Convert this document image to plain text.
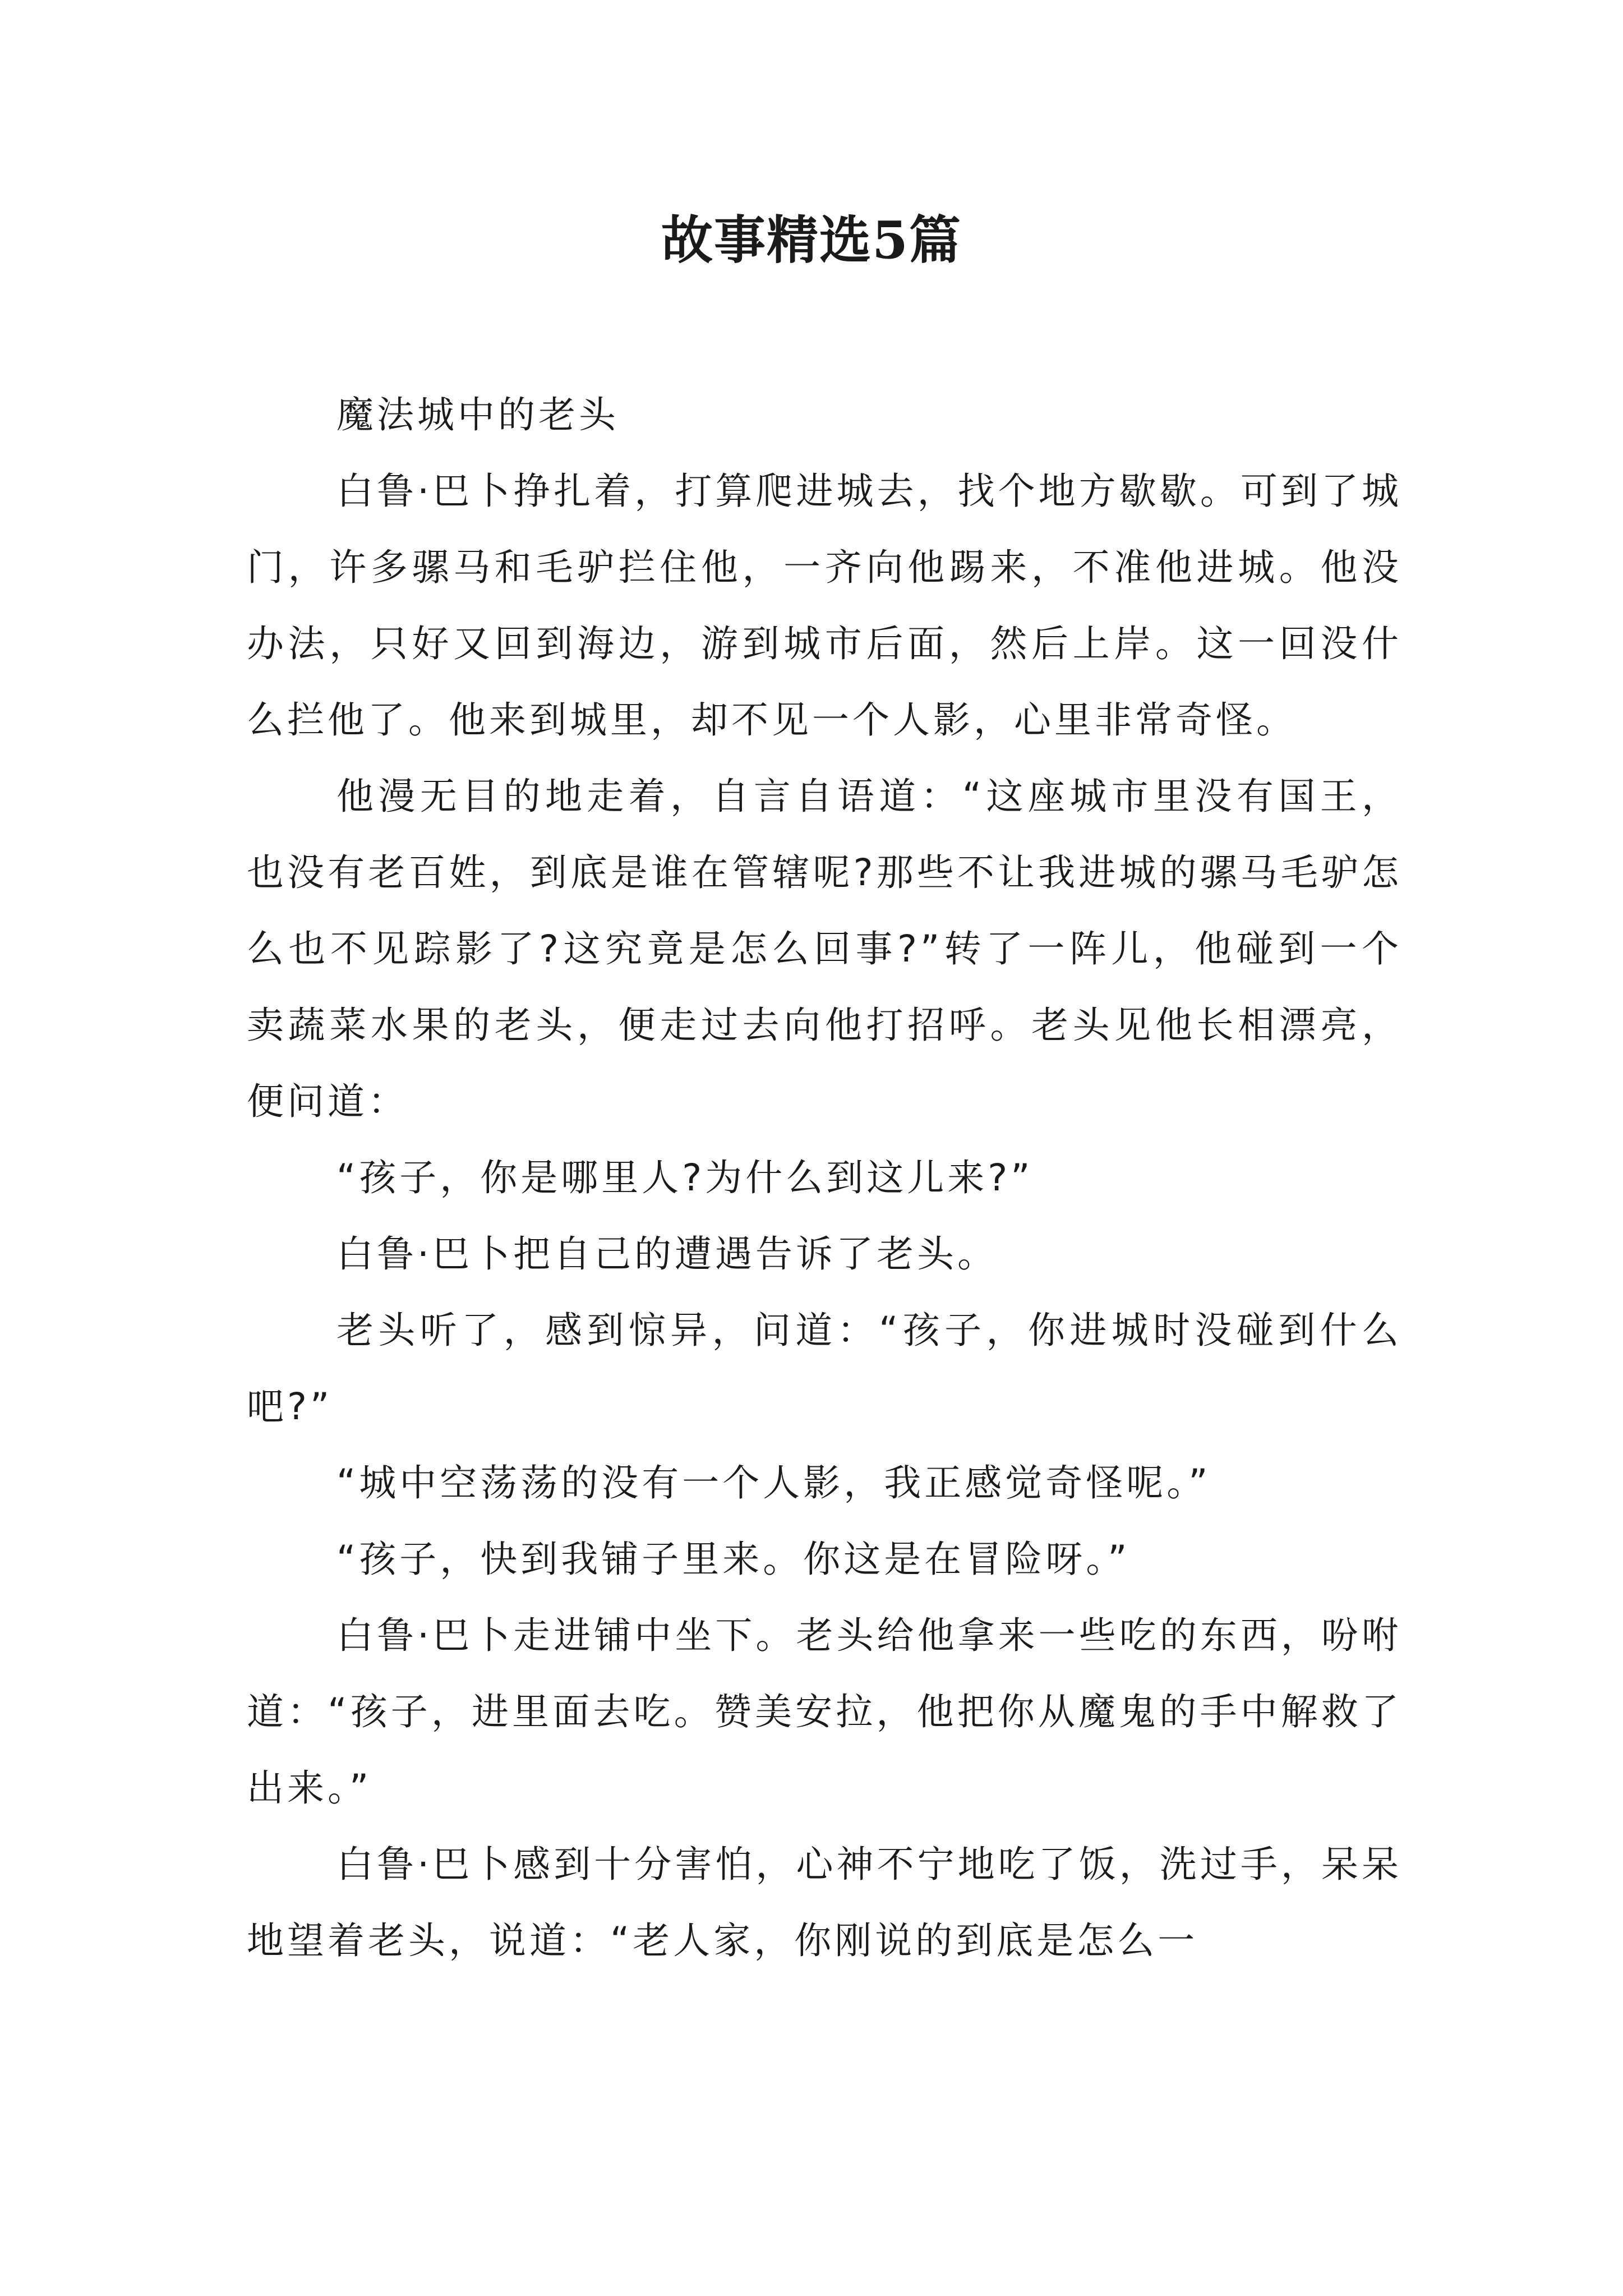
故事精选5篇

魔法城中的老头

白鲁·巴卜挣扎着，打算爬进城去，找个地方歇歇。可到了城门，许多骡马和毛驴拦住他，一齐向他踢来，不准他进城。他没办法，只好又回到海边，游到城市后面，然后上岸。这一回没什么拦他了。他来到城里，却不见一个人影，心里非常奇怪。

他漫无目的地走着，自言自语道：“这座城市里没有国王，也没有老百姓，到底是谁在管辖呢?那些不让我进城的骡马毛驴怎么也不见踪影了?这究竟是怎么回事?”转了一阵儿，他碰到一个卖蔬菜水果的老头，便走过去向他打招呼。老头见他长相漂亮，便问道：

“孩子，你是哪里人?为什么到这儿来?”

白鲁·巴卜把自己的遭遇告诉了老头。

老头听了，感到惊异，问道：“孩子，你进城时没碰到什么吧?”

“城中空荡荡的没有一个人影，我正感觉奇怪呢。”

“孩子，快到我铺子里来。你这是在冒险呀。”

白鲁·巴卜走进铺中坐下。老头给他拿来一些吃的东西，吩咐道：“孩子，进里面去吃。赞美安拉，他把你从魔鬼的手中解救了出来。”

白鲁·巴卜感到十分害怕，心神不宁地吃了饭，洗过手，呆呆地望着老头，说道：“老人家，你刚说的到底是怎么一
